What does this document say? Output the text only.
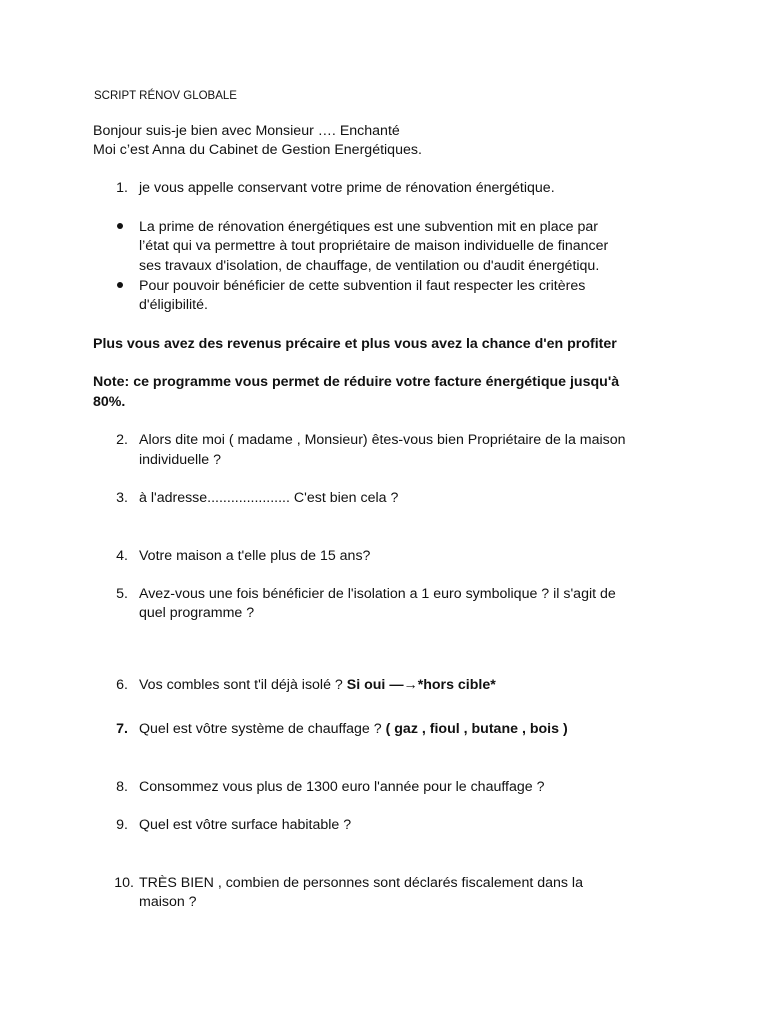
SCRIPT RÉNOV GLOBALE
Bonjour suis-je bien avec Monsieur …. Enchanté
Moi c’est Anna du Cabinet de Gestion Energétiques.
1. je vous appelle conservant votre prime de rénovation énergétique.
La prime de rénovation énergétiques est une subvention mit en place par
l’état qui va permettre à tout propriétaire de maison individuelle de financer
ses travaux d'isolation, de chauffage, de ventilation ou d'audit énergétiqu.
Pour pouvoir bénéficier de cette subvention il faut respecter les critères
d'éligibilité.
Plus vous avez des revenus précaire et plus vous avez la chance d'en profiter
Note: ce programme vous permet de réduire votre facture énergétique jusqu'à
80%.
2. Alors dite moi ( madame , Monsieur) êtes-vous bien Propriétaire de la maison
individuelle ?
3. à l'adresse..................... C'est bien cela ?
4. Votre maison a t'elle plus de 15 ans?
5. Avez-vous une fois bénéficier de l'isolation a 1 euro symbolique ? il s'agit de
quel programme ?
6. Vos combles sont t'il déjà isolé ? Si oui —→*hors cible*
7. Quel est vôtre système de chauffage ? ( gaz , fioul , butane , bois )
8. Consommez vous plus de 1300 euro l'année pour le chauffage ?
9. Quel est vôtre surface habitable ?
10. TRÈS BIEN , combien de personnes sont déclarés fiscalement dans la
maison ?
